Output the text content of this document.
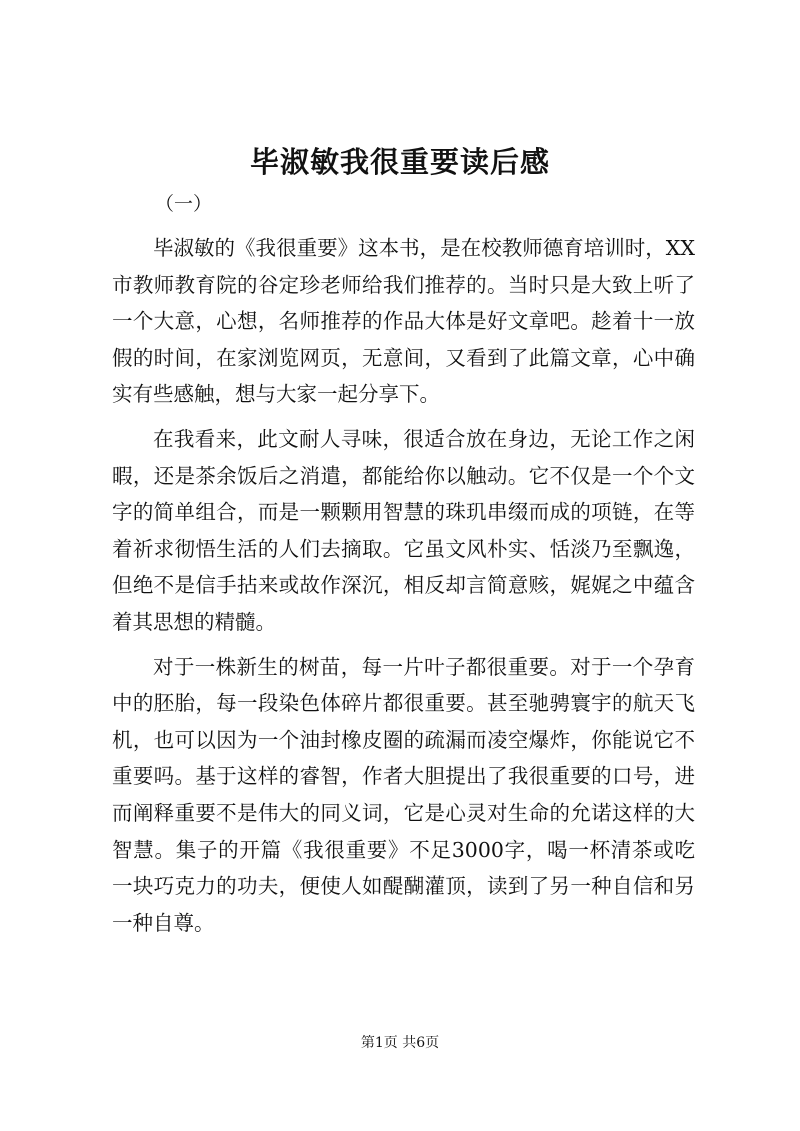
毕淑敏我很重要读后感

（一）

毕淑敏的《我很重要》这本书，是在校教师德育培训时，XX市教师教育院的谷定珍老师给我们推荐的。当时只是大致上听了一个大意，心想，名师推荐的作品大体是好文章吧。趁着十一放假的时间，在家浏览网页，无意间，又看到了此篇文章，心中确实有些感触，想与大家一起分享下。

在我看来，此文耐人寻味，很适合放在身边，无论工作之闲暇，还是茶余饭后之消遣，都能给你以触动。它不仅是一个个文字的简单组合，而是一颗颗用智慧的珠玑串缀而成的项链，在等着祈求彻悟生活的人们去摘取。它虽文风朴实、恬淡乃至飘逸，但绝不是信手拈来或故作深沉，相反却言简意赅，娓娓之中蕴含着其思想的精髓。

对于一株新生的树苗，每一片叶子都很重要。对于一个孕育中的胚胎，每一段染色体碎片都很重要。甚至驰骋寰宇的航天飞机，也可以因为一个油封橡皮圈的疏漏而凌空爆炸，你能说它不重要吗。基于这样的睿智，作者大胆提出了我很重要的口号，进而阐释重要不是伟大的同义词，它是心灵对生命的允诺这样的大智慧。集子的开篇《我很重要》不足3000字，喝一杯清茶或吃一块巧克力的功夫，便使人如醍醐灌顶，读到了另一种自信和另一种自尊。

第1页 共6页
